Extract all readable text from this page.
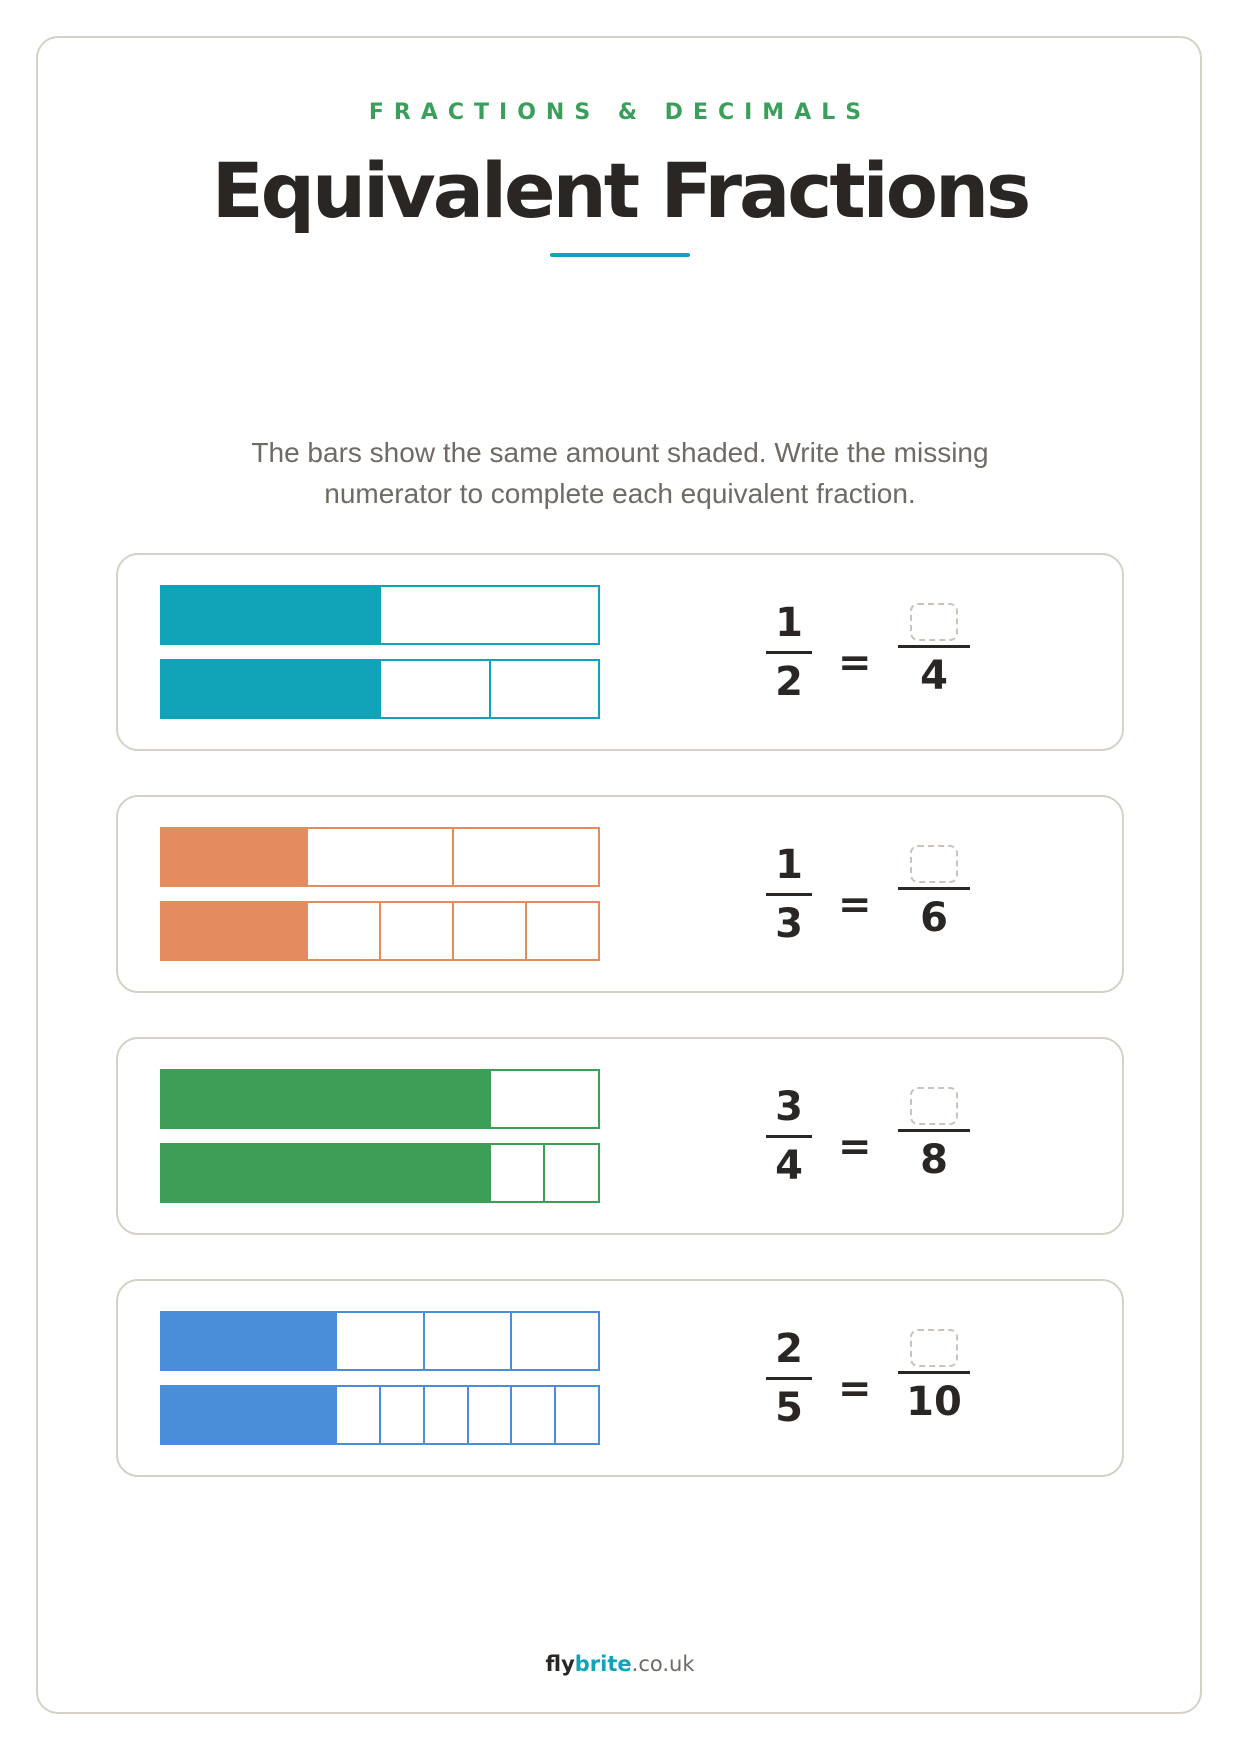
FRACTIONS & DECIMALS
Equivalent Fractions
The bars show the same amount shaded. Write the missing
numerator to complete each equivalent fraction.
1
2 =	4
1
3 =	6
3
4 =	8
2
5 = 10
flybrite.co.uk
